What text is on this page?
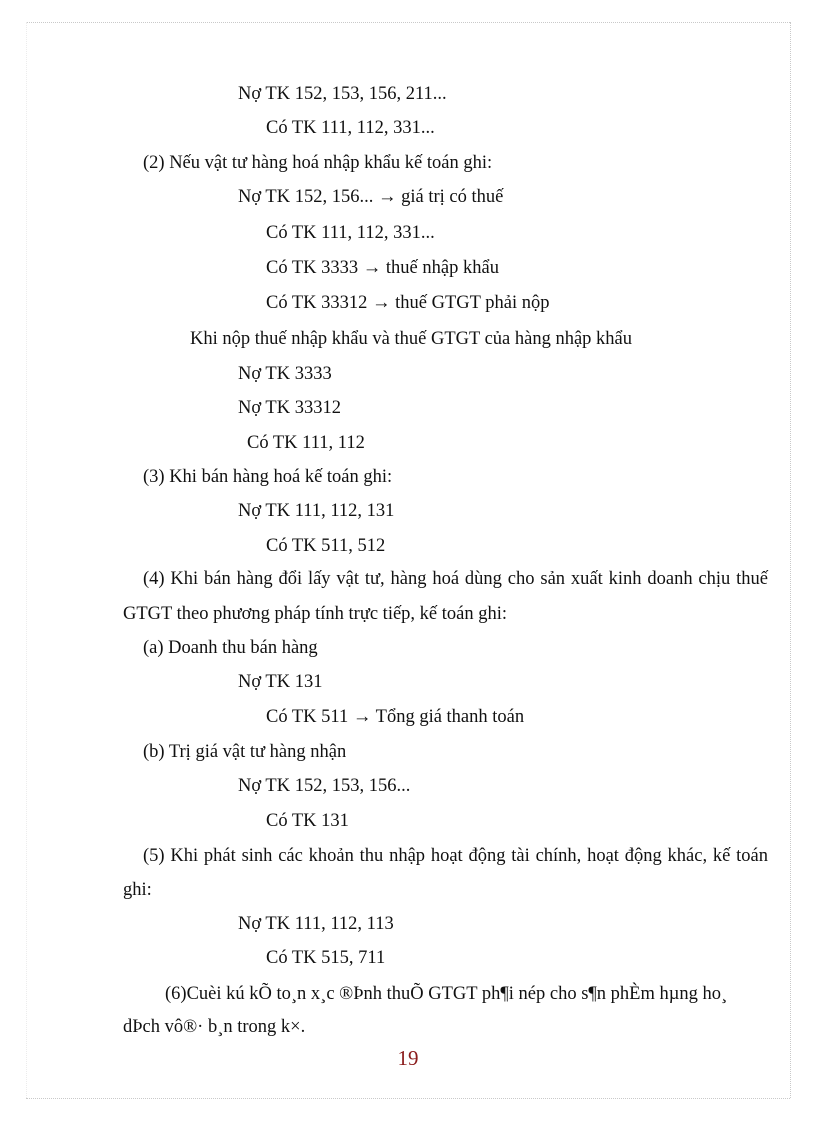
Nợ TK 152, 153, 156, 211...
Có TK 111, 112, 331...
(2) Nếu vật tư hàng hoá nhập khẩu kế toán ghi:
Nợ TK 152, 156... → giá trị có thuế
Có TK 111, 112, 331...
Có TK 3333 → thuế nhập khẩu
Có TK 33312 → thuế GTGT phải nộp
Khi nộp thuế nhập khẩu và thuế GTGT của hàng nhập khẩu
Nợ TK 3333
Nợ TK 33312
Có TK 111, 112
(3) Khi bán hàng hoá kế toán ghi:
Nợ TK 111, 112, 131
Có TK 511, 512
(4) Khi bán hàng đổi lấy vật tư, hàng hoá dùng cho sản xuất kinh doanh chịu thuế
GTGT theo phương pháp tính trực tiếp, kế toán ghi:
(a) Doanh thu bán hàng
Nợ TK 131
Có TK 511 → Tổng giá thanh toán
(b) Trị giá vật tư hàng nhận
Nợ TK 152, 153, 156...
Có TK 131
(5) Khi phát sinh các khoản thu nhập hoạt động tài chính, hoạt động khác, kế toán
ghi:
Nợ TK 111, 112, 113
Có TK 515, 711
(6)Cuèi kú kÕ to¸n x¸c ®Þnh thuÕ GTGT ph¶i nép cho s¶n phÈm hµng ho¸
dÞch vô®· b¸n trong k×.
19
